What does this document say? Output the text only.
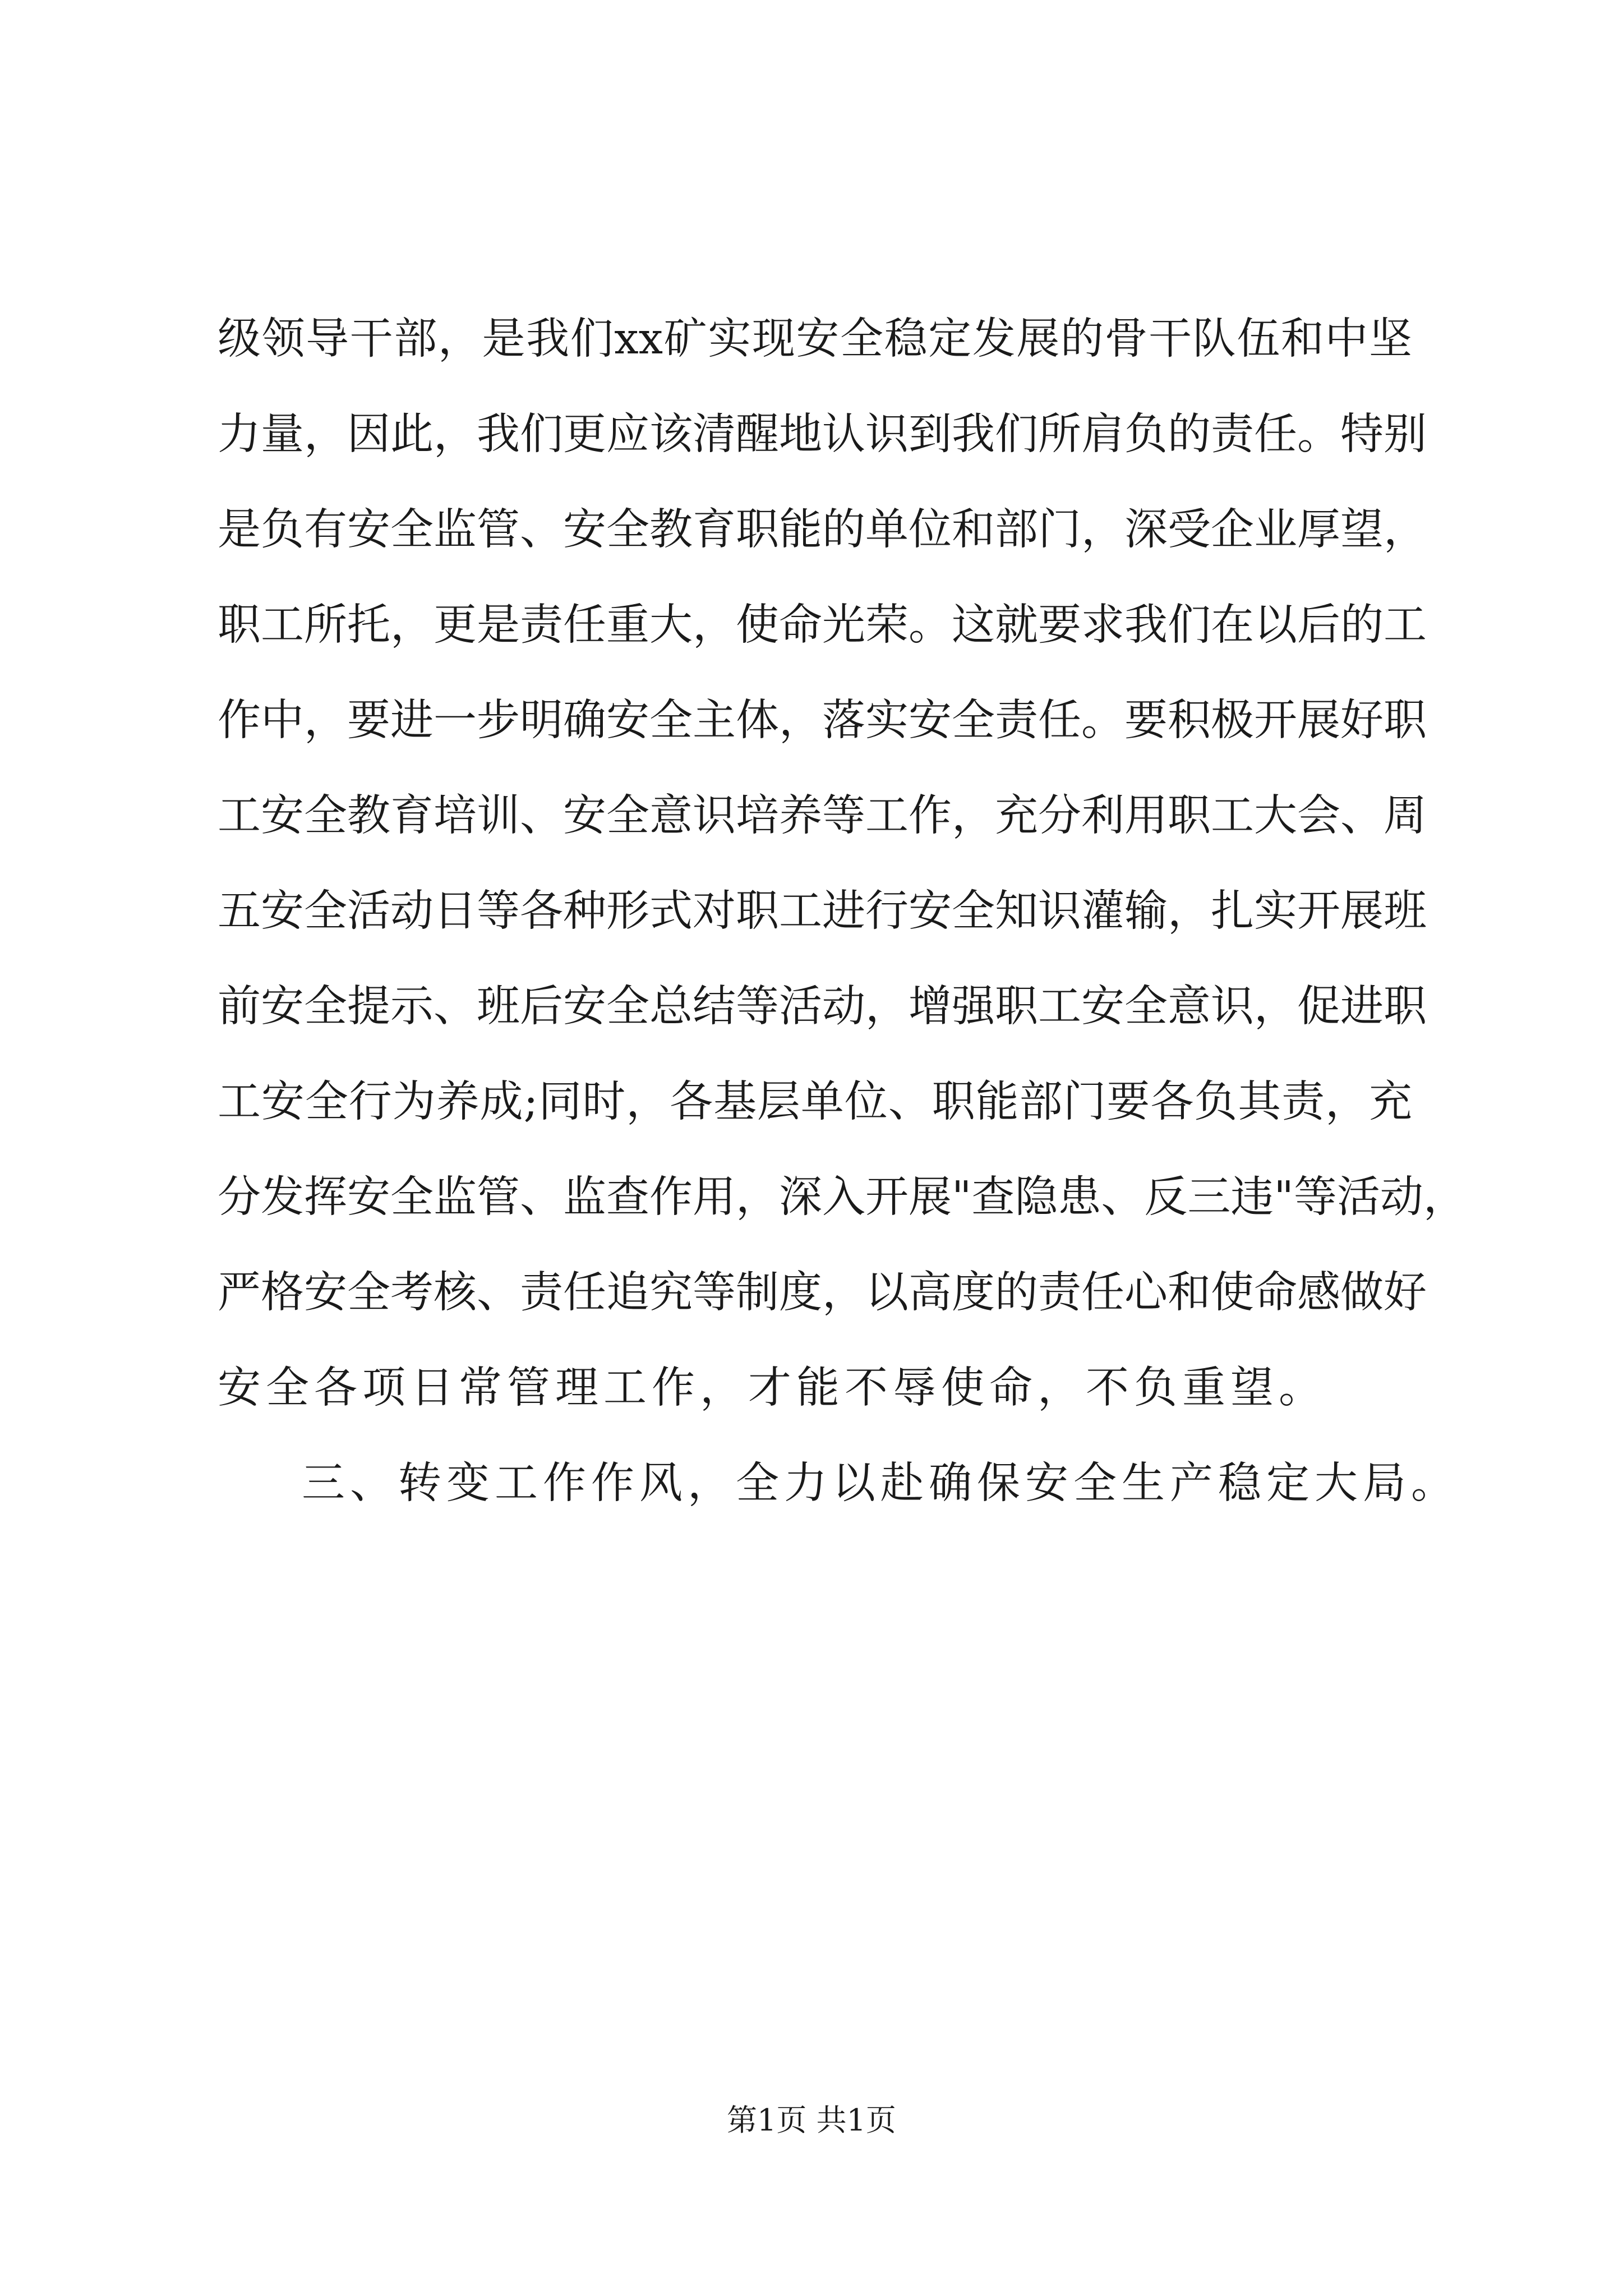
级领导干部，是我们xx矿实现安全稳定发展的骨干队伍和中坚
力量，因此，我们更应该清醒地认识到我们所肩负的责任。特别
是负有安全监管、安全教育职能的单位和部门，深受企业厚望，
职工所托，更是责任重大，使命光荣。这就要求我们在以后的工
作中，要进一步明确安全主体，落实安全责任。要积极开展好职
工安全教育培训、安全意识培养等工作，充分利用职工大会、周
五安全活动日等各种形式对职工进行安全知识灌输，扎实开展班
前安全提示、班后安全总结等活动，增强职工安全意识，促进职
工安全行为养成;同时，各基层单位、职能部门要各负其责，充
分发挥安全监管、监查作用，深入开展"查隐患、反三违"等活动，
严格安全考核、责任追究等制度，以高度的责任心和使命感做好
安全各项日常管理工作，才能不辱使命，不负重望。
三、转变工作作风，全力以赴确保安全生产稳定大局。
第1页 共1页
